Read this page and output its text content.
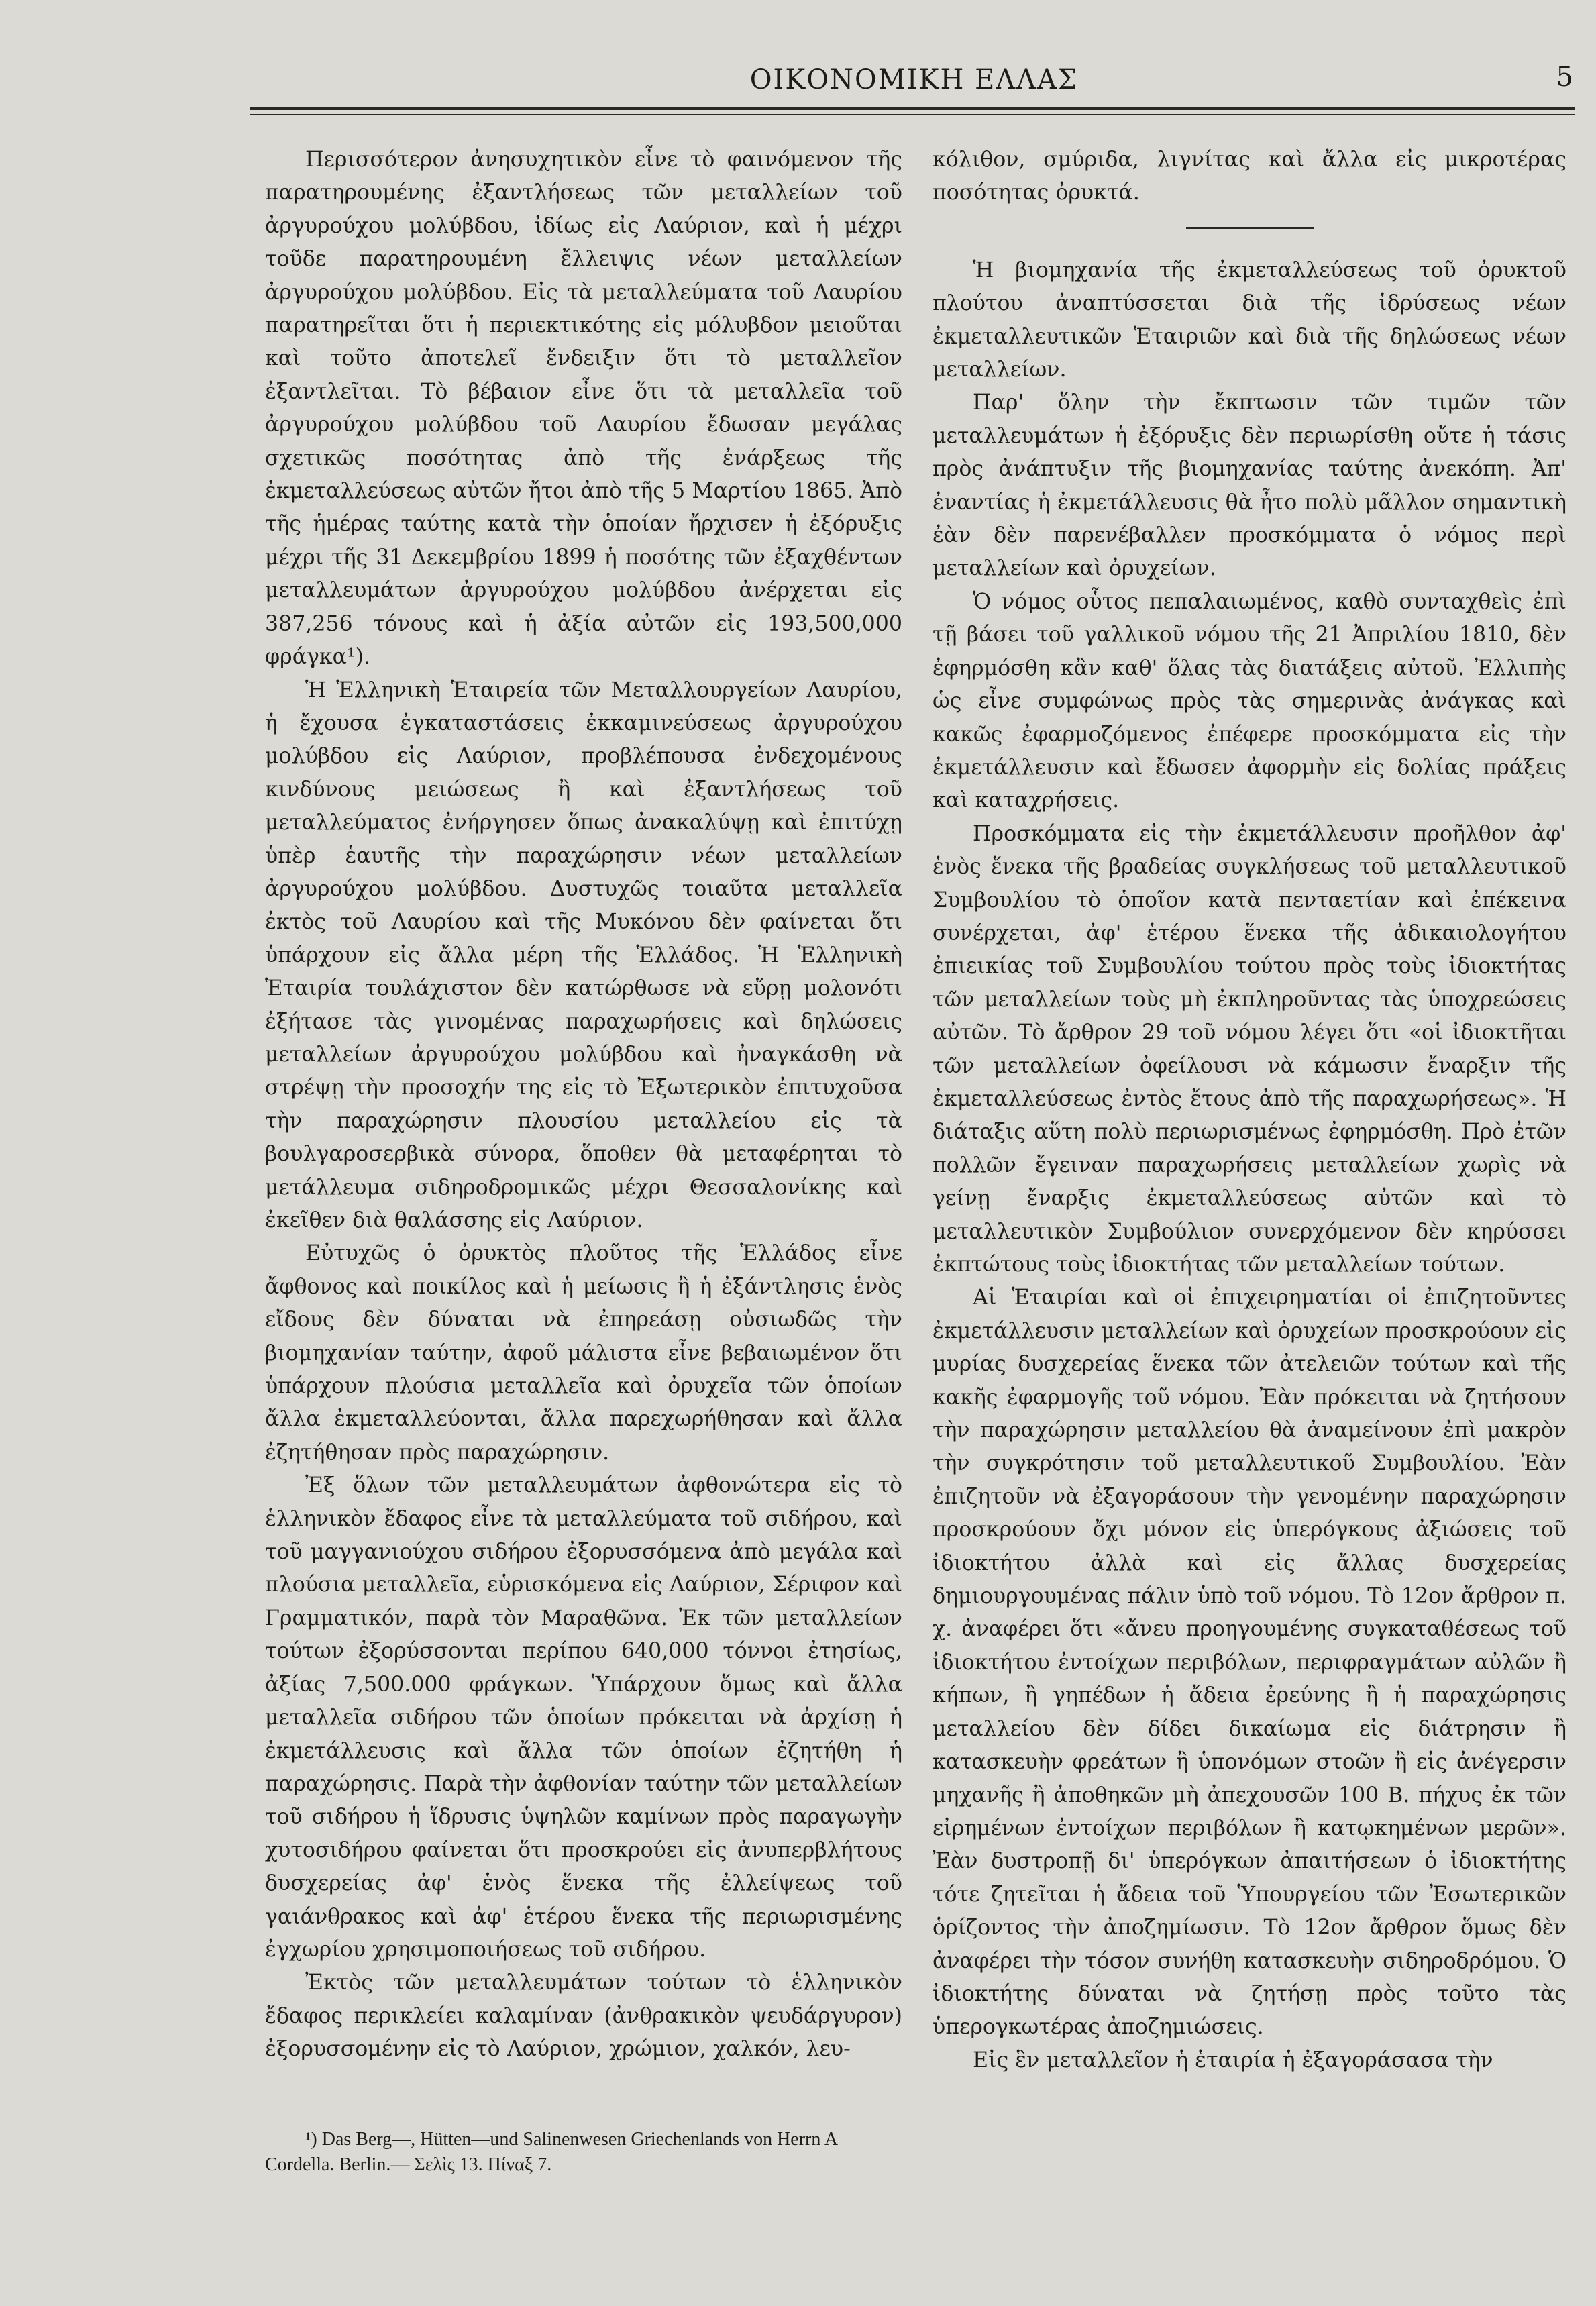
ΟΙΚΟΝΟΜΙΚΗ ΕΛΛΑΣ	5

Περισσότερον ἀνησυχητικὸν εἶνε τὸ φαινόμενον τῆς παρατηρουμένης ἐξαντλήσεως τῶν μεταλλείων τοῦ ἀργυρούχου μολύβδου, ἰδίως εἰς Λαύριον, καὶ ἡ μέχρι τοῦδε παρατηρουμένη ἔλλειψις νέων μεταλλείων ἀργυρούχου μολύβδου. Εἰς τὰ μεταλλεύματα τοῦ Λαυρίου παρατηρεῖται ὅτι ἡ περιεκτικότης εἰς μόλυβδον μειοῦται καὶ τοῦτο ἀποτελεῖ ἔνδειξιν ὅτι τὸ μεταλλεῖον ἐξαντλεῖται. Τὸ βέβαιον εἶνε ὅτι τὰ μεταλλεῖα τοῦ ἀργυρούχου μολύβδου τοῦ Λαυρίου ἔδωσαν μεγάλας σχετικῶς ποσότητας ἀπὸ τῆς ἐνάρξεως τῆς ἐκμεταλλεύσεως αὐτῶν ἤτοι ἀπὸ τῆς 5 Μαρτίου 1865. Ἀπὸ τῆς ἡμέρας ταύτης κατὰ τὴν ὁποίαν ἤρχισεν ἡ ἐξόρυξις μέχρι τῆς 31 Δεκεμβρίου 1899 ἡ ποσότης τῶν ἐξαχθέντων μεταλλευμάτων ἀργυρούχου μολύβδου ἀνέρχεται εἰς 387,256 τόνους καὶ ἡ ἀξία αὐτῶν εἰς 193,500,000 φράγκα¹).

Ἡ Ἑλληνικὴ Ἑταιρεία τῶν Μεταλλουργείων Λαυρίου, ἡ ἔχουσα ἐγκαταστάσεις ἐκκαμινεύσεως ἀργυρούχου μολύβδου εἰς Λαύριον, προβλέπουσα ἐνδεχομένους κινδύνους μειώσεως ἢ καὶ ἐξαντλήσεως τοῦ μεταλλεύματος ἐνήργησεν ὅπως ἀνακαλύψῃ καὶ ἐπιτύχῃ ὑπὲρ ἑαυτῆς τὴν παραχώρησιν νέων μεταλλείων ἀργυρούχου μολύβδου. Δυστυχῶς τοιαῦτα μεταλλεῖα ἐκτὸς τοῦ Λαυρίου καὶ τῆς Μυκόνου δὲν φαίνεται ὅτι ὑπάρχουν εἰς ἄλλα μέρη τῆς Ἑλλάδος. Ἡ Ἑλληνικὴ Ἑταιρία τουλάχιστον δὲν κατώρθωσε νὰ εὕρῃ μολονότι ἐξήτασε τὰς γινομένας παραχωρήσεις καὶ δηλώσεις μεταλλείων ἀργυρούχου μολύβδου καὶ ἠναγκάσθη νὰ στρέψῃ τὴν προσοχήν της εἰς τὸ Ἐξωτερικὸν ἐπιτυχοῦσα τὴν παραχώρησιν πλουσίου μεταλλείου εἰς τὰ βουλγαροσερβικὰ σύνορα, ὅποθεν θὰ μεταφέρηται τὸ μετάλλευμα σιδηροδρομικῶς μέχρι Θεσσαλονίκης καὶ ἐκεῖθεν διὰ θαλάσσης εἰς Λαύριον.

Εὐτυχῶς ὁ ὀρυκτὸς πλοῦτος τῆς Ἑλλάδος εἶνε ἄφθονος καὶ ποικίλος καὶ ἡ μείωσις ἢ ἡ ἐξάντλησις ἑνὸς εἴδους δὲν δύναται νὰ ἐπηρεάσῃ οὐσιωδῶς τὴν βιομηχανίαν ταύτην, ἀφοῦ μάλιστα εἶνε βεβαιωμένον ὅτι ὑπάρχουν πλούσια μεταλλεῖα καὶ ὀρυχεῖα τῶν ὁποίων ἄλλα ἐκμεταλλεύονται, ἄλλα παρεχωρήθησαν καὶ ἄλλα ἐζητήθησαν πρὸς παραχώρησιν.

Ἐξ ὅλων τῶν μεταλλευμάτων ἀφθονώτερα εἰς τὸ ἑλληνικὸν ἔδαφος εἶνε τὰ μεταλλεύματα τοῦ σιδήρου, καὶ τοῦ μαγγανιούχου σιδήρου ἐξορυσσόμενα ἀπὸ μεγάλα καὶ πλούσια μεταλλεῖα, εὑρισκόμενα εἰς Λαύριον, Σέριφον καὶ Γραμματικόν, παρὰ τὸν Μαραθῶνα. Ἐκ τῶν μεταλλείων τούτων ἐξορύσσονται περίπου 640,000 τόννοι ἐτησίως, ἀξίας 7,500.000 φράγκων. Ὑπάρχουν ὅμως καὶ ἄλλα μεταλλεῖα σιδήρου τῶν ὁποίων πρόκειται νὰ ἀρχίσῃ ἡ ἐκμετάλλευσις καὶ ἄλλα τῶν ὁποίων ἐζητήθη ἡ παραχώρησις. Παρὰ τὴν ἀφθονίαν ταύτην τῶν μεταλλείων τοῦ σιδήρου ἡ ἵδρυσις ὑψηλῶν καμίνων πρὸς παραγωγὴν χυτοσιδήρου φαίνεται ὅτι προσκρούει εἰς ἀνυπερβλήτους δυσχερείας ἀφ' ἑνὸς ἕνεκα τῆς ἐλλείψεως τοῦ γαιάνθρακος καὶ ἀφ' ἑτέρου ἕνεκα τῆς περιωρισμένης ἐγχωρίου χρησιμοποιήσεως τοῦ σιδήρου.

Ἐκτὸς τῶν μεταλλευμάτων τούτων τὸ ἑλληνικὸν ἔδαφος περικλείει καλαμίναν (ἀνθρακικὸν ψευδάργυρον) ἐξορυσσομένην εἰς τὸ Λαύριον, χρώμιον, χαλκόν, λευ-

¹) Das Berg—, Hütten—und Salinenwesen Griechenlands von Herrn A Cordella. Berlin.— Σελὶς 13. Πίναξ 7.

κόλιθον, σμύριδα, λιγνίτας καὶ ἄλλα εἰς μικροτέρας ποσότητας ὀρυκτά.

Ἡ βιομηχανία τῆς ἐκμεταλλεύσεως τοῦ ὀρυκτοῦ πλούτου ἀναπτύσσεται διὰ τῆς ἱδρύσεως νέων ἐκμεταλλευτικῶν Ἑταιριῶν καὶ διὰ τῆς δηλώσεως νέων μεταλλείων.

Παρ' ὅλην τὴν ἔκπτωσιν τῶν τιμῶν τῶν μεταλλευμάτων ἡ ἐξόρυξις δὲν περιωρίσθη οὔτε ἡ τάσις πρὸς ἀνάπτυξιν τῆς βιομηχανίας ταύτης ἀνεκόπη. Ἀπ' ἐναντίας ἡ ἐκμετάλλευσις θὰ ἦτο πολὺ μᾶλλον σημαντικὴ ἐὰν δὲν παρενέβαλλεν προσκόμματα ὁ νόμος περὶ μεταλλείων καὶ ὀρυχείων.

Ὁ νόμος οὗτος πεπαλαιωμένος, καθὸ συνταχθεὶς ἐπὶ τῇ βάσει τοῦ γαλλικοῦ νόμου τῆς 21 Ἀπριλίου 1810, δὲν ἐφηρμόσθη κἂν καθ' ὅλας τὰς διατάξεις αὐτοῦ. Ἐλλιπὴς ὡς εἶνε συμφώνως πρὸς τὰς σημερινὰς ἀνάγκας καὶ κακῶς ἐφαρμοζόμενος ἐπέφερε προσκόμματα εἰς τὴν ἐκμετάλλευσιν καὶ ἔδωσεν ἀφορμὴν εἰς δολίας πράξεις καὶ καταχρήσεις.

Προσκόμματα εἰς τὴν ἐκμετάλλευσιν προῆλθον ἀφ' ἑνὸς ἕνεκα τῆς βραδείας συγκλήσεως τοῦ μεταλλευτικοῦ Συμβουλίου τὸ ὁποῖον κατὰ πενταετίαν καὶ ἐπέκεινα συνέρχεται, ἀφ' ἑτέρου ἕνεκα τῆς ἀδικαιολογήτου ἐπιεικίας τοῦ Συμβουλίου τούτου πρὸς τοὺς ἰδιοκτήτας τῶν μεταλλείων τοὺς μὴ ἐκπληροῦντας τὰς ὑποχρεώσεις αὐτῶν. Τὸ ἄρθρον 29 τοῦ νόμου λέγει ὅτι «οἱ ἰδιοκτῆται τῶν μεταλλείων ὀφείλουσι νὰ κάμωσιν ἔναρξιν τῆς ἐκμεταλλεύσεως ἐντὸς ἔτους ἀπὸ τῆς παραχωρήσεως». Ἡ διάταξις αὕτη πολὺ περιωρισμένως ἐφηρμόσθη. Πρὸ ἐτῶν πολλῶν ἔγειναν παραχωρήσεις μεταλλείων χωρὶς νὰ γείνῃ ἔναρξις ἐκμεταλλεύσεως αὐτῶν καὶ τὸ μεταλλευτικὸν Συμβούλιον συνερχόμενον δὲν κηρύσσει ἐκπτώτους τοὺς ἰδιοκτήτας τῶν μεταλλείων τούτων.

Αἱ Ἑταιρίαι καὶ οἱ ἐπιχειρηματίαι οἱ ἐπιζητοῦντες ἐκμετάλλευσιν μεταλλείων καὶ ὀρυχείων προσκρούουν εἰς μυρίας δυσχερείας ἕνεκα τῶν ἀτελειῶν τούτων καὶ τῆς κακῆς ἐφαρμογῆς τοῦ νόμου. Ἐὰν πρόκειται νὰ ζητήσουν τὴν παραχώρησιν μεταλλείου θὰ ἀναμείνουν ἐπὶ μακρὸν τὴν συγκρότησιν τοῦ μεταλλευτικοῦ Συμβουλίου. Ἐὰν ἐπιζητοῦν νὰ ἐξαγοράσουν τὴν γενομένην παραχώρησιν προσκρούουν ὄχι μόνον εἰς ὑπερόγκους ἀξιώσεις τοῦ ἰδιοκτήτου ἀλλὰ καὶ εἰς ἄλλας δυσχερείας δημιουργουμένας πάλιν ὑπὸ τοῦ νόμου. Τὸ 12ον ἄρθρον π. χ. ἀναφέρει ὅτι «ἄνευ προηγουμένης συγκαταθέσεως τοῦ ἰδιοκτήτου ἐντοίχων περιβόλων, περιφραγμάτων αὐλῶν ἢ κήπων, ἢ γηπέδων ἡ ἄδεια ἐρεύνης ἢ ἡ παραχώρησις μεταλλείου δὲν δίδει δικαίωμα εἰς διάτρησιν ἢ κατασκευὴν φρεάτων ἢ ὑπονόμων στοῶν ἢ εἰς ἀνέγερσιν μηχανῆς ἢ ἀποθηκῶν μὴ ἀπεχουσῶν 100 Β. πήχυς ἐκ τῶν εἰρημένων ἐντοίχων περιβόλων ἢ κατῳκημένων μερῶν». Ἐὰν δυστροπῇ δι' ὑπερόγκων ἀπαιτήσεων ὁ ἰδιοκτήτης τότε ζητεῖται ἡ ἄδεια τοῦ Ὑπουργείου τῶν Ἐσωτερικῶν ὁρίζοντος τὴν ἀποζημίωσιν. Τὸ 12ον ἄρθρον ὅμως δὲν ἀναφέρει τὴν τόσον συνήθη κατασκευὴν σιδηροδρόμου. Ὁ ἰδιοκτήτης δύναται νὰ ζητήσῃ πρὸς τοῦτο τὰς ὑπερογκωτέρας ἀποζημιώσεις.

Εἰς ἓν μεταλλεῖον ἡ ἑταιρία ἡ ἐξαγοράσασα τὴν
